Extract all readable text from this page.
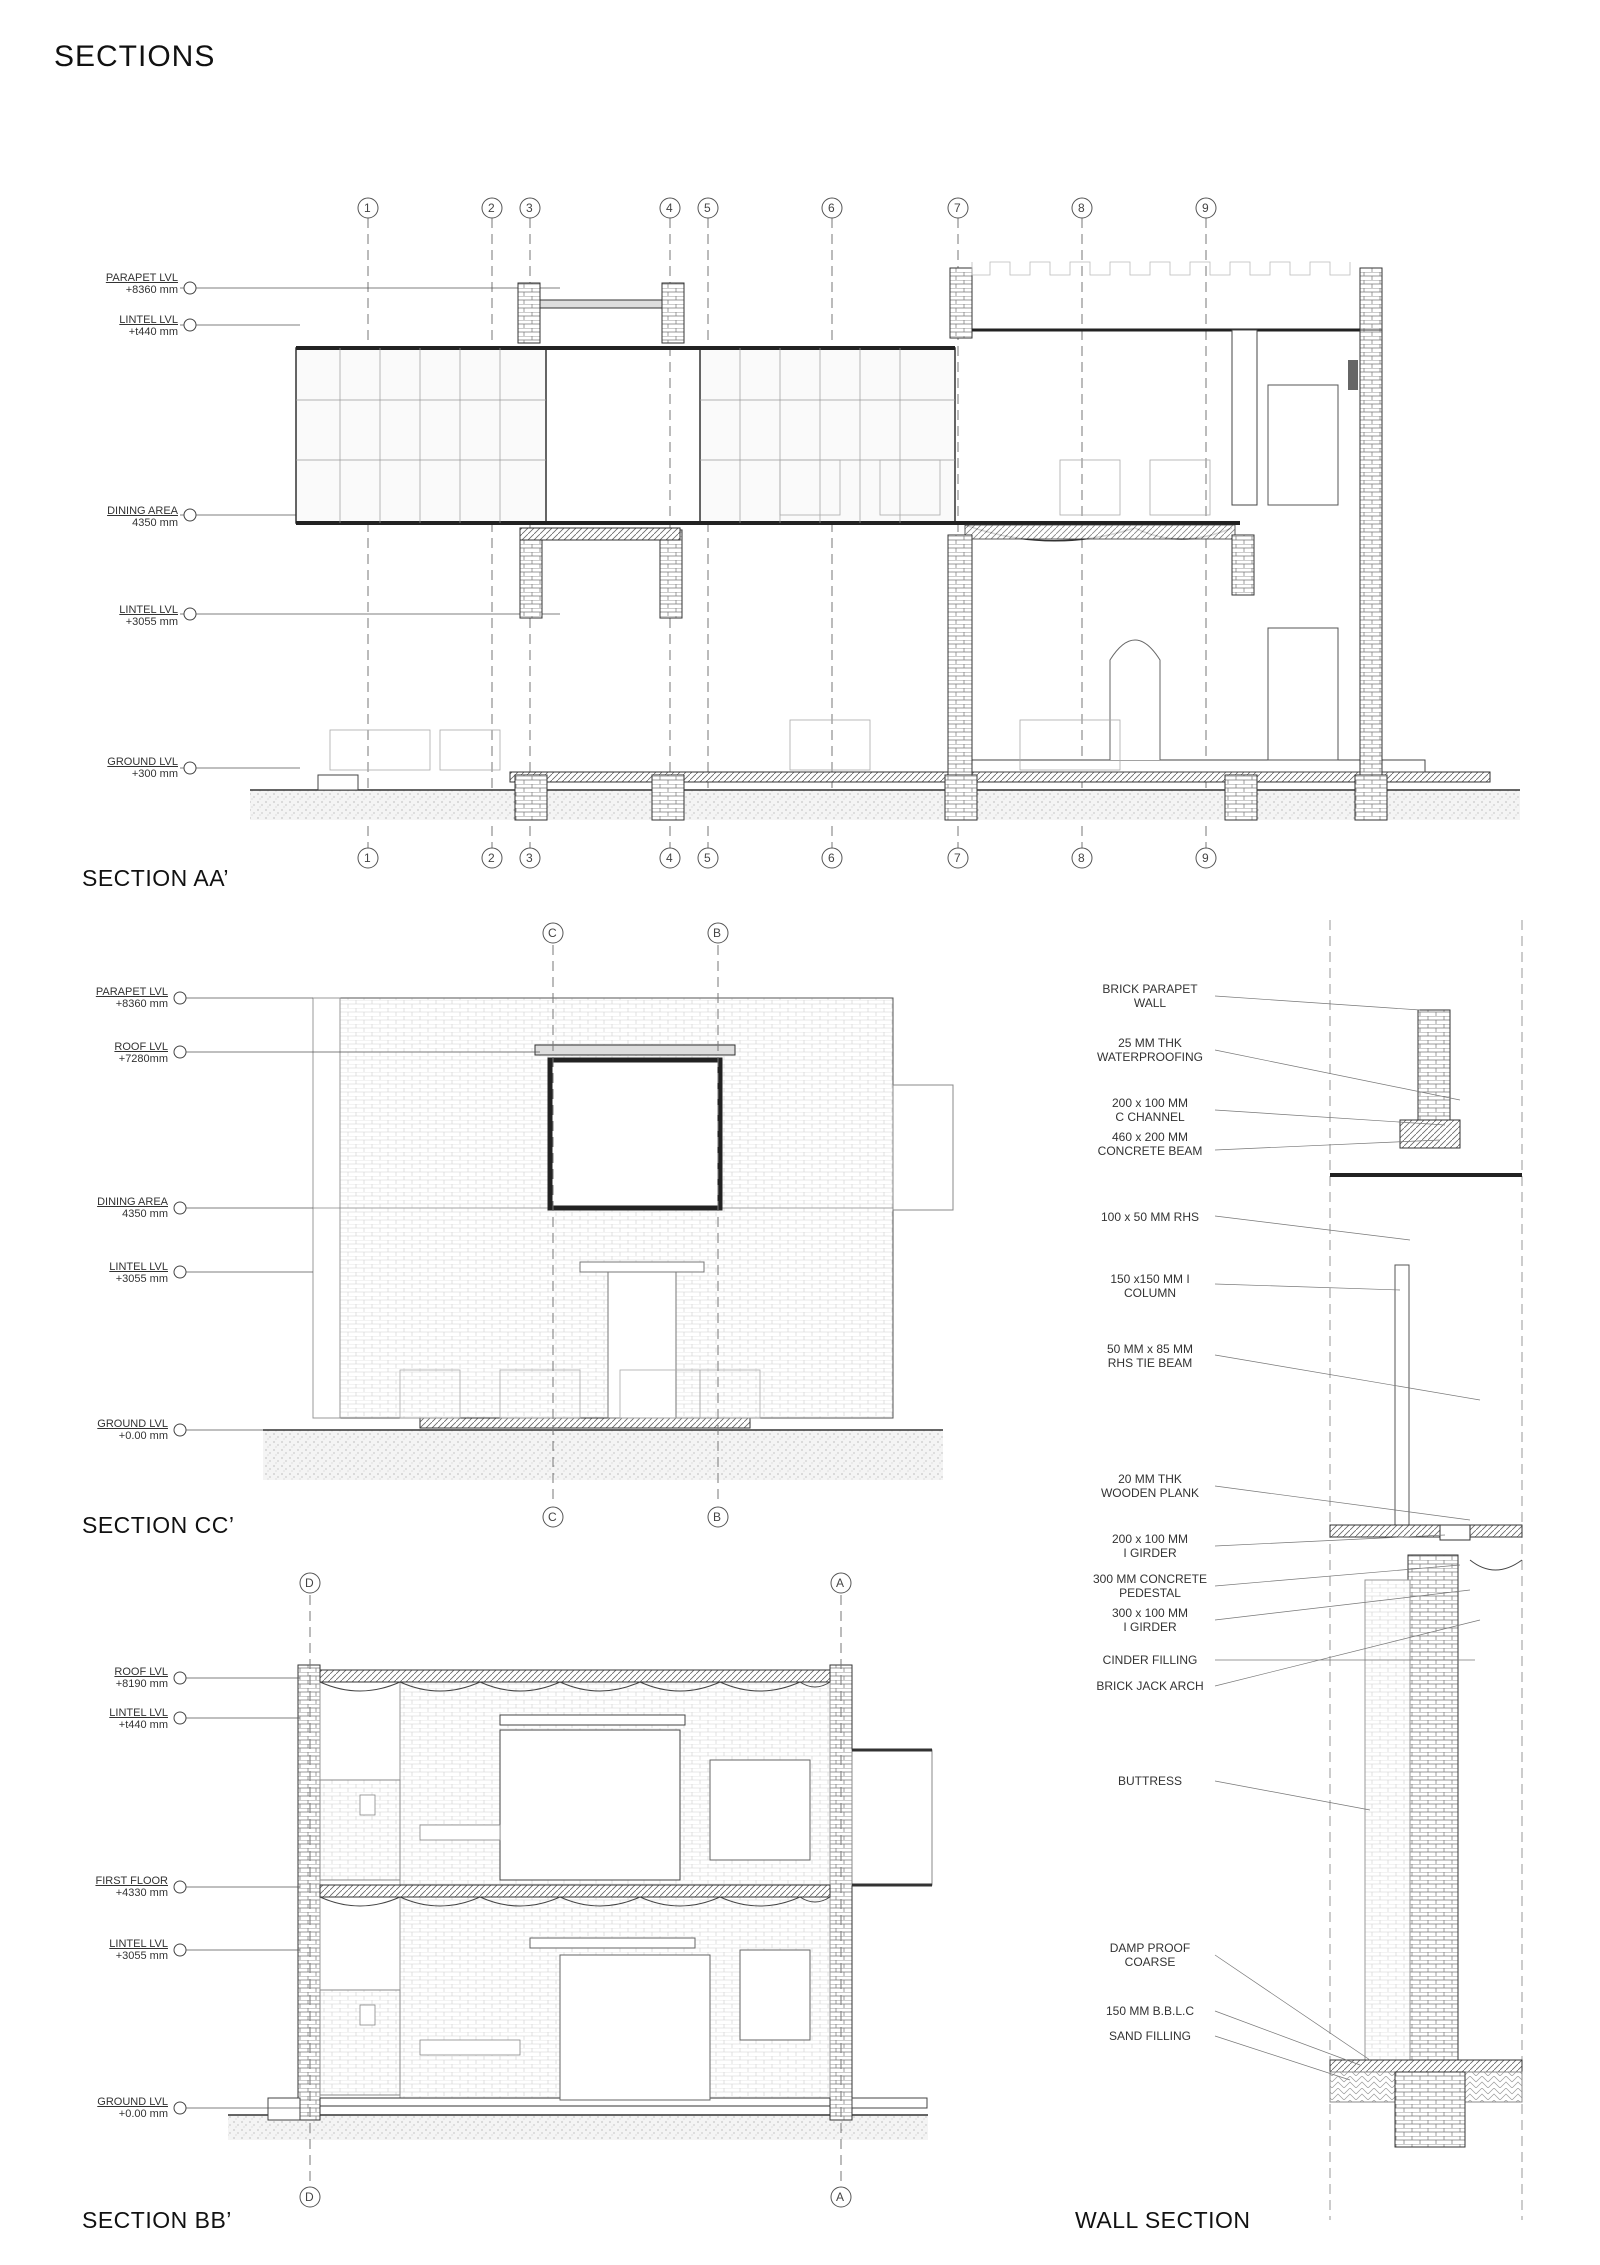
SECTIONS
SECTION AA’
SECTION CC’
SECTION BB’	WALL SECTION
PARAPET LVL
+8360 mm
LINTEL LVL
+t440 mm
DINING AREA
4350 mm
LINTEL LVL
+3055 mm
GROUND LVL
+300 mm
1	2	3	4	5	6	7	8	9
1	2	3	4	5	6	7	8	9
PARAPET LVL
+8360 mm
ROOF LVL
+7280mm
DINING AREA
4350 mm
LINTEL LVL
+3055 mm
GROUND LVL
+0.00 mm
C	B
C	B
ROOF LVL
+8190 mm
LINTEL LVL
+t440 mm
FIRST FLOOR
+4330 mm
LINTEL LVL
+3055 mm
GROUND LVL
+0.00 mm
D	A
D	A
BRICK PARAPET
WALL
25 MM THK
WATERPROOFING
200 x 100 MM
C CHANNEL
460 x 200 MM
CONCRETE BEAM
100 x 50 MM RHS
150 x150 MM I
COLUMN
50 MM x 85 MM
RHS TIE BEAM
20 MM THK
WOODEN PLANK
200 x 100 MM
I GIRDER
300 MM CONCRETE
PEDESTAL
300 x 100 MM
I GIRDER
CINDER FILLING
BRICK JACK ARCH
BUTTRESS
DAMP PROOF
COARSE
150 MM B.B.L.C
SAND FILLING
